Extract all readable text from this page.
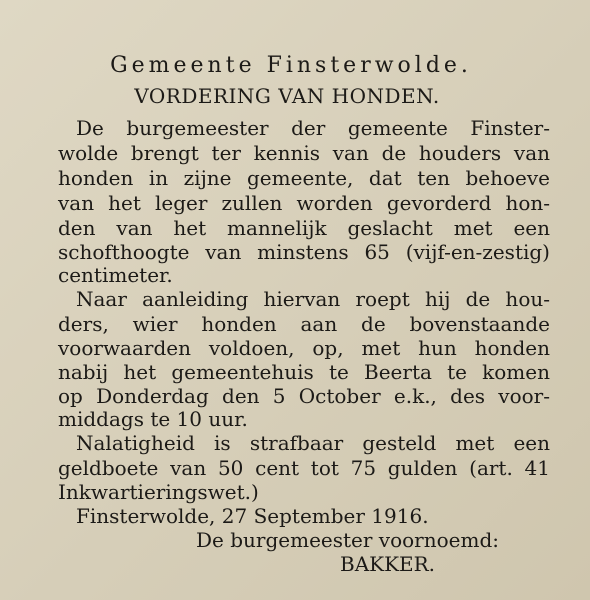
Gemeente Finsterwolde.
VORDERING VAN HONDEN.
De burgemeester der gemeente Finster-
wolde brengt ter kennis van de houders van
honden in zijne gemeente, dat ten behoeve
van het leger zullen worden gevorderd hon-
den van het mannelijk geslacht met een
schofthoogte van minstens 65 (vijf-en-zestig)
centimeter.
Naar aanleiding hiervan roept hij de hou-
ders, wier honden aan de bovenstaande
voorwaarden voldoen, op, met hun honden
nabij het gemeentehuis te Beerta te komen
op Donderdag den 5 October e.k., des voor-
middags te 10 uur.
Nalatigheid is strafbaar gesteld met een
geldboete van 50 cent tot 75 gulden (art. 41
Inkwartieringswet.)
Finsterwolde, 27 September 1916.
De burgemeester voornoemd:
BAKKER.
